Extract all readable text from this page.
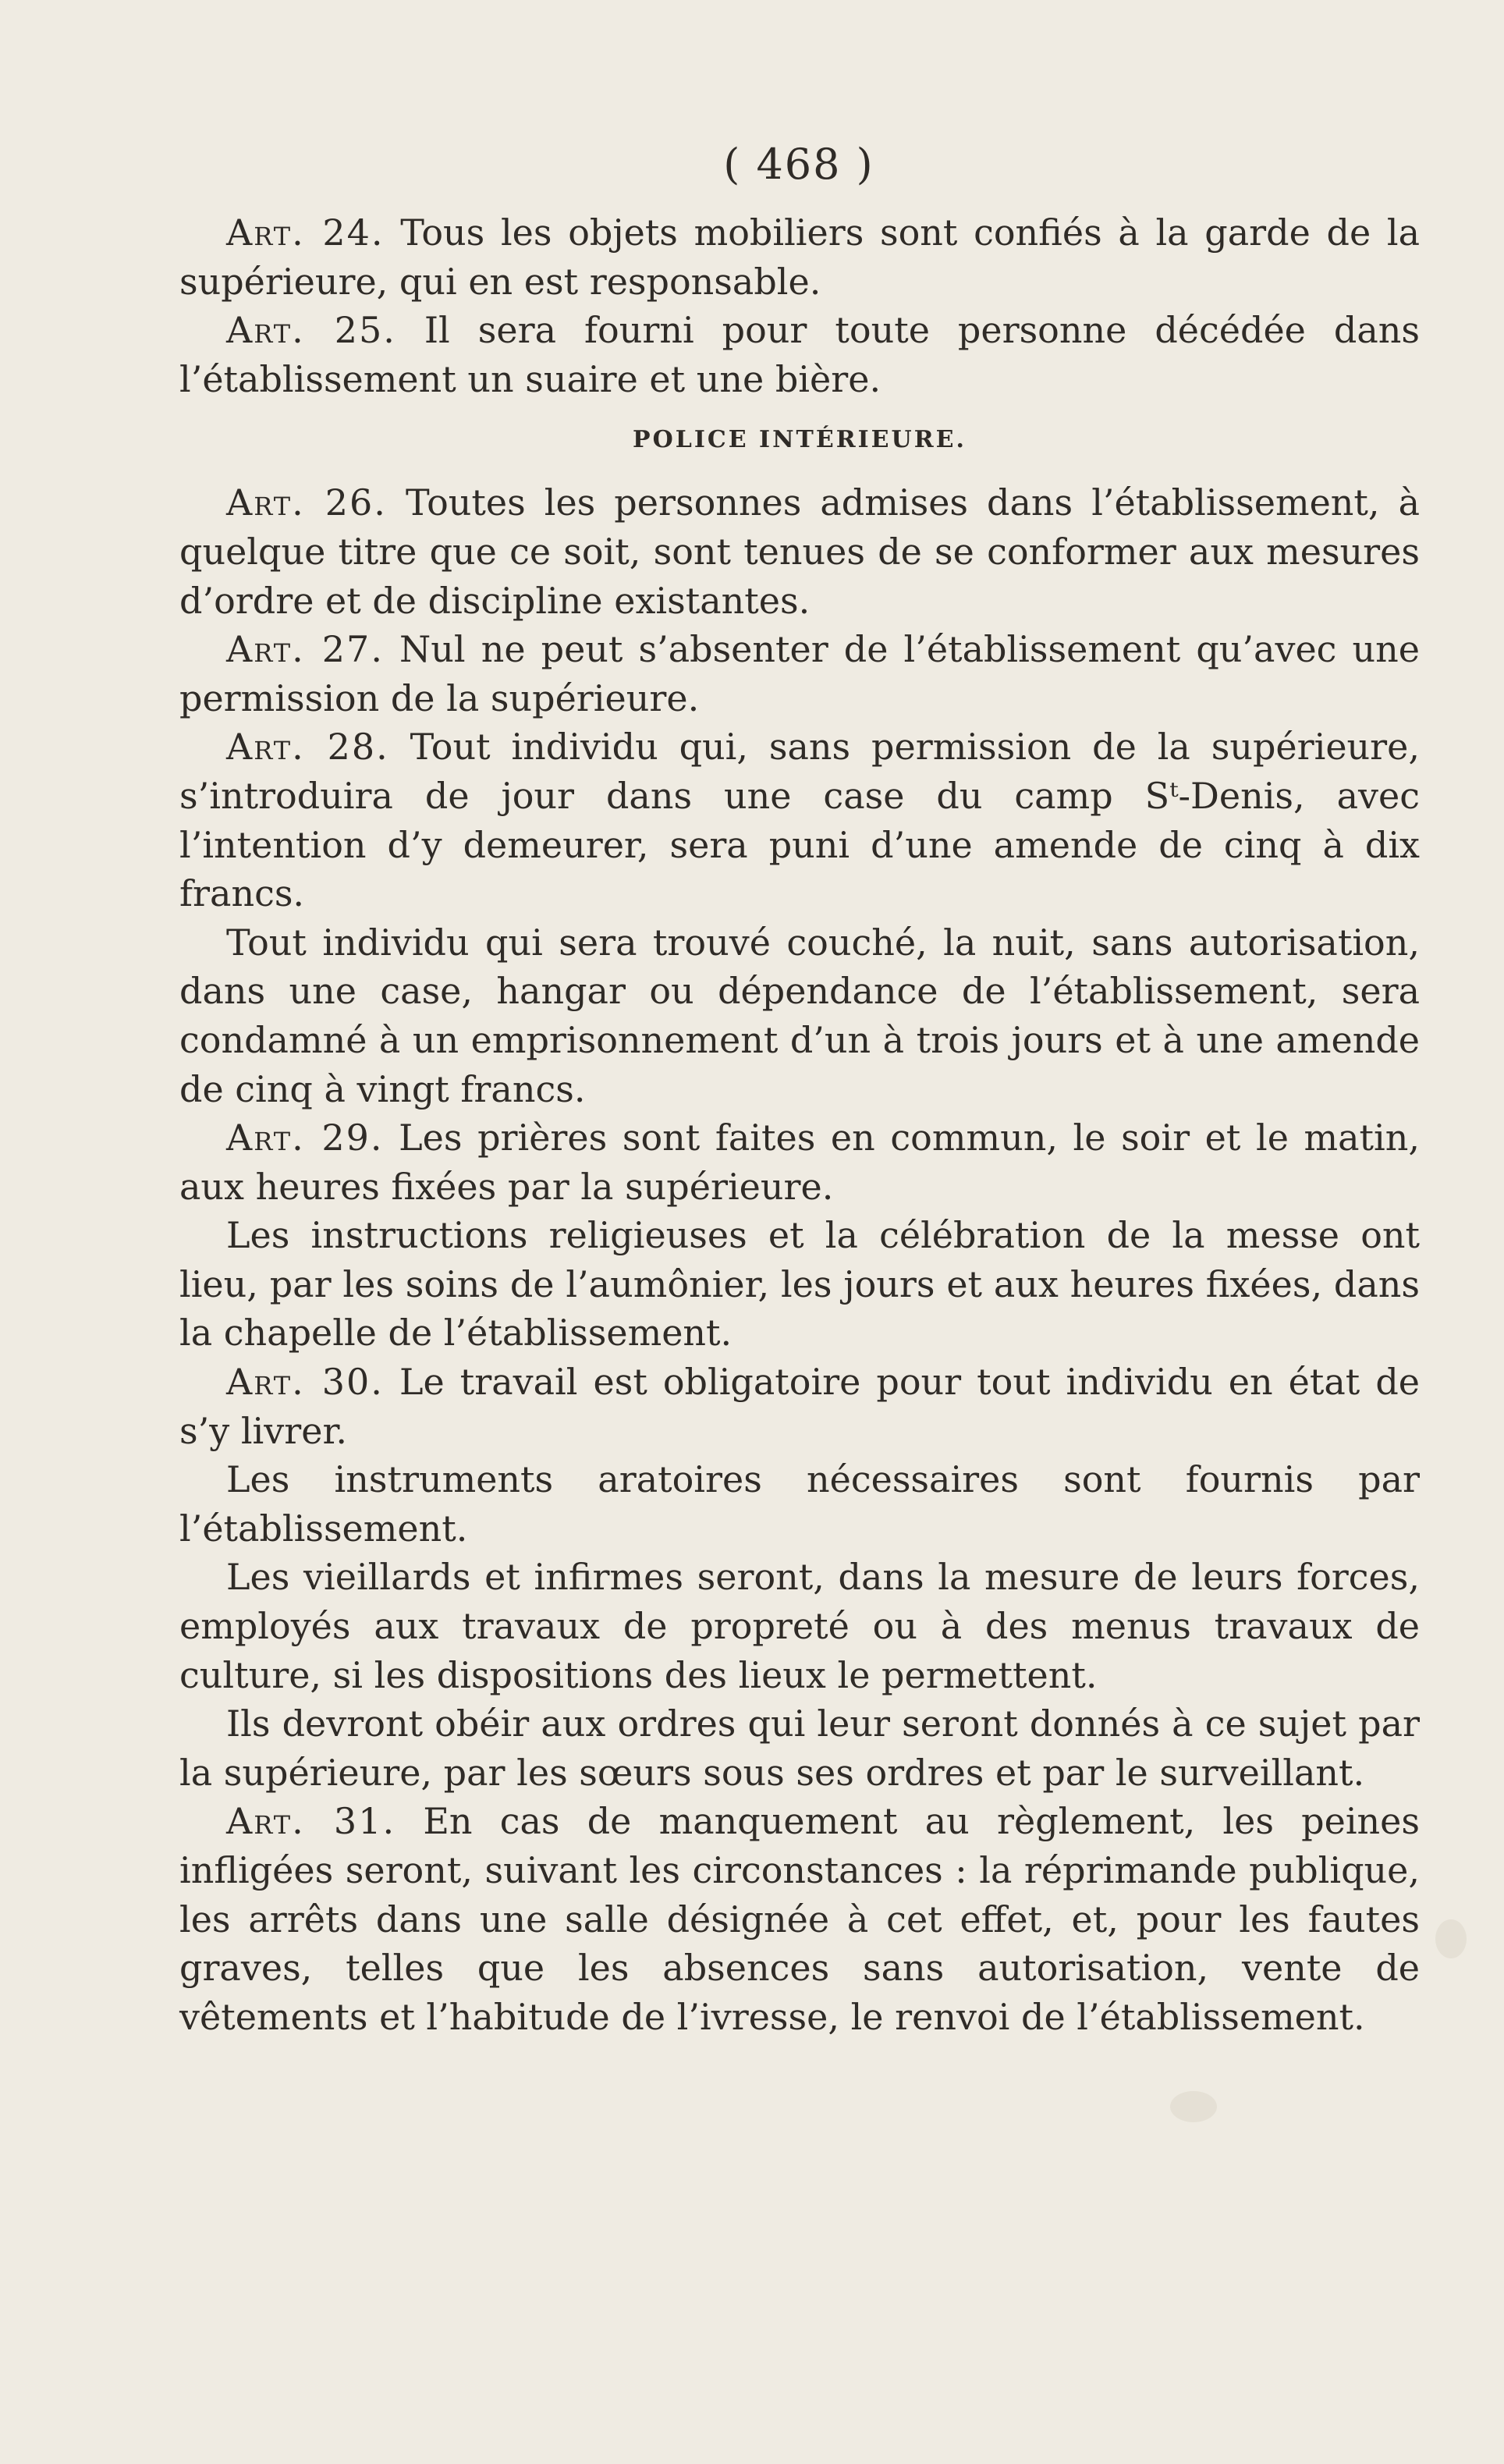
( 468 )

Art. 24. Tous les objets mobiliers sont confiés à la garde de la supérieure, qui en est responsable.

Art. 25. Il sera fourni pour toute personne décédée dans l’établissement un suaire et une bière.

POLICE INTÉRIEURE.

Art. 26. Toutes les personnes admises dans l’établissement, à quelque titre que ce soit, sont tenues de se conformer aux mesures d’ordre et de discipline existantes.

Art. 27. Nul ne peut s’absenter de l’établissement qu’avec une permission de la supérieure.

Art. 28. Tout individu qui, sans permission de la supérieure, s’introduira de jour dans une case du camp Sᵗ-Denis, avec l’intention d’y demeurer, sera puni d’une amende de cinq à dix francs.

Tout individu qui sera trouvé couché, la nuit, sans autorisation, dans une case, hangar ou dépendance de l’établissement, sera condamné à un emprisonnement d’un à trois jours et à une amende de cinq à vingt francs.

Art. 29. Les prières sont faites en commun, le soir et le matin, aux heures fixées par la supérieure.

Les instructions religieuses et la célébration de la messe ont lieu, par les soins de l’aumônier, les jours et aux heures fixées, dans la chapelle de l’établissement.

Art. 30. Le travail est obligatoire pour tout individu en état de s’y livrer.

Les instruments aratoires nécessaires sont fournis par l’établissement.

Les vieillards et infirmes seront, dans la mesure de leurs forces, employés aux travaux de propreté ou à des menus travaux de culture, si les dispositions des lieux le permettent.

Ils devront obéir aux ordres qui leur seront donnés à ce sujet par la supérieure, par les sœurs sous ses ordres et par le surveillant.

Art. 31. En cas de manquement au règlement, les peines infligées seront, suivant les circonstances : la réprimande publique, les arrêts dans une salle désignée à cet effet, et, pour les fautes graves, telles que les absences sans autorisation, vente de vêtements et l’habitude de l’ivresse, le renvoi de l’établissement.
